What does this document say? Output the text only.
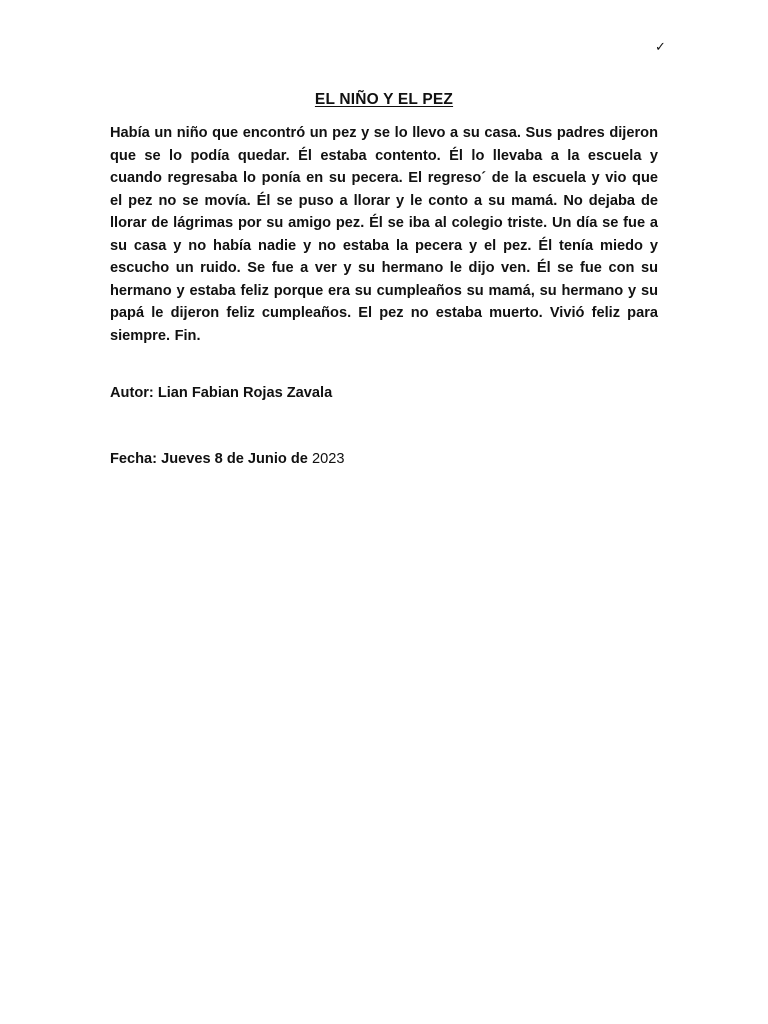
✓
EL NIÑO Y EL PEZ

Había un niño que encontró un pez y se lo llevo a su casa. Sus padres dijeron que se lo podía quedar. Él estaba contento. Él lo llevaba a la escuela y cuando regresaba lo ponía en su pecera. El regreso´ de la escuela y vio que el pez no se movía. Él se puso a llorar y le conto a su mamá. No dejaba de llorar de lágrimas por su amigo pez. Él se iba al colegio triste. Un día se fue a su casa y no había nadie y no estaba la pecera y el pez. Él tenía miedo y escucho un ruido. Se fue a ver y su hermano le dijo ven. Él se fue con su hermano y estaba feliz porque era su cumpleaños su mamá, su hermano y su papá le dijeron feliz cumpleaños. El pez no estaba muerto. Vivió feliz para siempre. Fin.

Autor: Lian Fabian Rojas Zavala
Fecha: Jueves 8 de Junio de 2023
